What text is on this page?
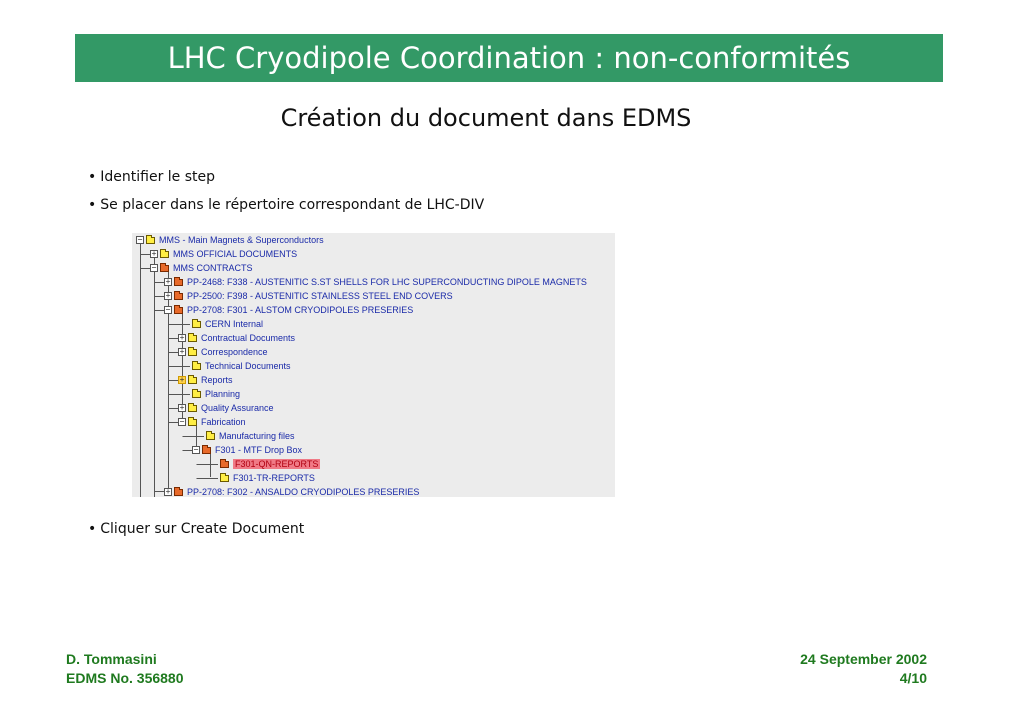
LHC Cryodipole Coordination : non-conformités
Création du document dans EDMS
• Identifier le step
• Se placer dans le répertoire correspondant de LHC-DIV
− MMS - Main Magnets & Superconductors
+ MMS OFFICIAL DOCUMENTS
− MMS CONTRACTS
+ PP-2468: F338 - AUSTENITIC S.ST SHELLS FOR LHC SUPERCONDUCTING DIPOLE MAGNETS
+ PP-2500: F398 - AUSTENITIC STAINLESS STEEL END COVERS
− PP-2708: F301 - ALSTOM CRYODIPOLES PRESERIES
CERN Internal
+ Contractual Documents
+ Correspondence
Technical Documents
+ Reports
Planning
+ Quality Assurance
− Fabrication
Manufacturing files
− F301 - MTF Drop Box
F301-QN-REPORTS
F301-TR-REPORTS
+ PP-2708: F302 - ANSALDO CRYODIPOLES PRESERIES
• Cliquer sur Create Document
D. Tommasini
EDMS No. 356880
24 September 2002
4/10
